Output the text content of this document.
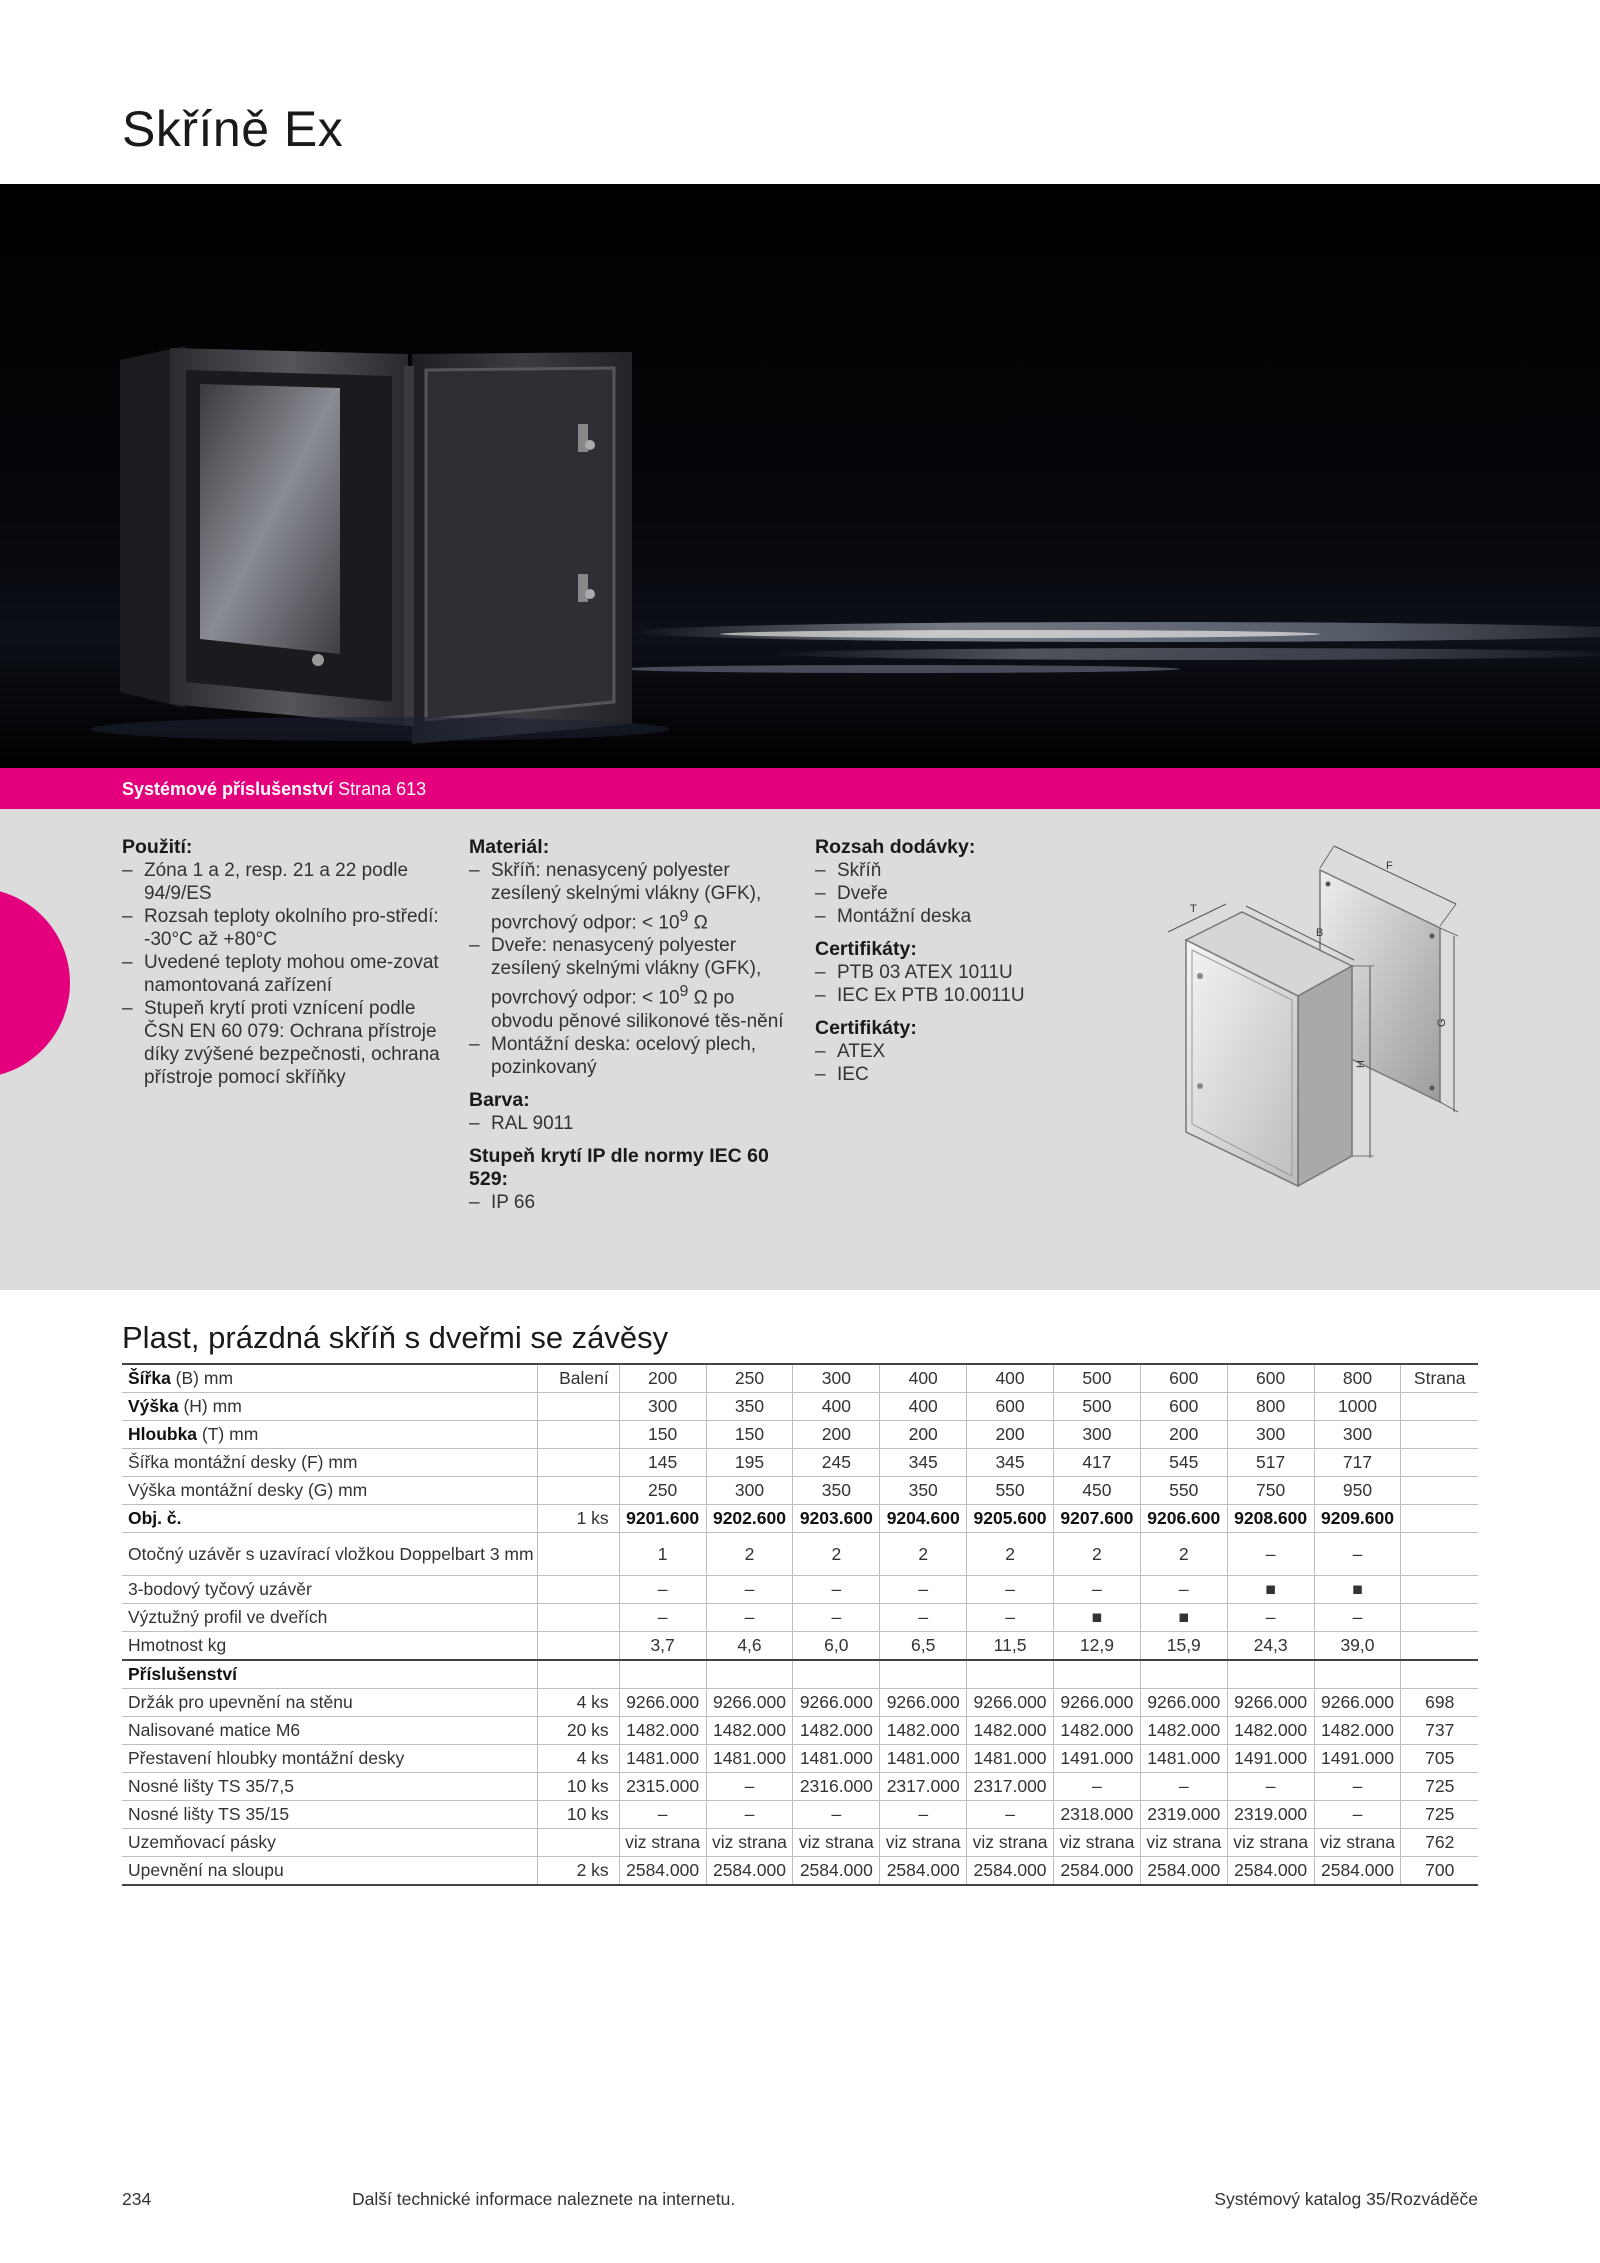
Skříně Ex
Systémové příslušenství Strana 613
Použití:
– Zóna 1 a 2, resp. 21 a 22 podle 94/9/ES
– Rozsah teploty okolního pro-středí: -30°C až +80°C
– Uvedené teploty mohou ome-zovat namontovaná zařízení
– Stupeň krytí proti vznícení podle ČSN EN 60 079: Ochrana přístroje díky zvýšené bezpečnosti, ochrana přístroje pomocí skříňky
Materiál:
– Skříň: nenasycený polyester zesílený skelnými vlákny (GFK), povrchový odpor: < $10^9$ Ω
– Dveře: nenasycený polyester zesílený skelnými vlákny (GFK), povrchový odpor: < $10^9$ Ω po obvodu pěnové silikonové těs-nění
– Montážní deska: ocelový plech, pozinkovaný
Barva:
– RAL 9011
Stupeň krytí IP dle normy IEC 60 529:
– IP 66
Rozsah dodávky:
– Skříň
– Dveře
– Montážní deska
Certifikáty:
– PTB 03 ATEX 1011U
– IEC Ex PTB 10.0011U
Certifikáty:
– ATEX
– IEC
F
G
T
B
H
Plast, prázdná skříň s dveřmi se závěsy
Šířka (B) mm	Balení	200	250	300	400	400	500	600	600	800	Strana
Výška (H) mm		300	350	400	400	600	500	600	800	1000	
Hloubka (T) mm		150	150	200	200	200	300	200	300	300	
Šířka montážní desky (F) mm		145	195	245	345	345	417	545	517	717	
Výška montážní desky (G) mm		250	300	350	350	550	450	550	750	950	
Obj. č.	1 ks	9201.600	9202.600	9203.600	9204.600	9205.600	9207.600	9206.600	9208.600	9209.600	
Otočný uzávěr s uzavírací vložkou Doppelbart 3 mm		1	2	2	2	2	2	2	–	–	
3-bodový tyčový uzávěr		–	–	–	–	–	–	–	■	■	
Výztužný profil ve dveřích		–	–	–	–	–	■	■	–	–	
Hmotnost kg		3,7	4,6	6,0	6,5	11,5	12,9	15,9	24,3	39,0	
Příslušenství											
Držák pro upevnění na stěnu	4 ks	9266.000	9266.000	9266.000	9266.000	9266.000	9266.000	9266.000	9266.000	9266.000	698
Nalisované matice M6	20 ks	1482.000	1482.000	1482.000	1482.000	1482.000	1482.000	1482.000	1482.000	1482.000	737
Přestavení hloubky montážní desky	4 ks	1481.000	1481.000	1481.000	1481.000	1481.000	1491.000	1481.000	1491.000	1491.000	705
Nosné lišty TS 35/7,5	10 ks	2315.000	–	2316.000	2317.000	2317.000	–	–	–	–	725
Nosné lišty TS 35/15	10 ks	–	–	–	–	–	2318.000	2319.000	2319.000	–	725
Uzemňovací pásky		viz strana	viz strana	viz strana	viz strana	viz strana	viz strana	viz strana	viz strana	viz strana	762
Upevnění na sloupu	2 ks	2584.000	2584.000	2584.000	2584.000	2584.000	2584.000	2584.000	2584.000	2584.000	700
234	Další technické informace naleznete na internetu.	Systémový katalog 35/Rozváděče
